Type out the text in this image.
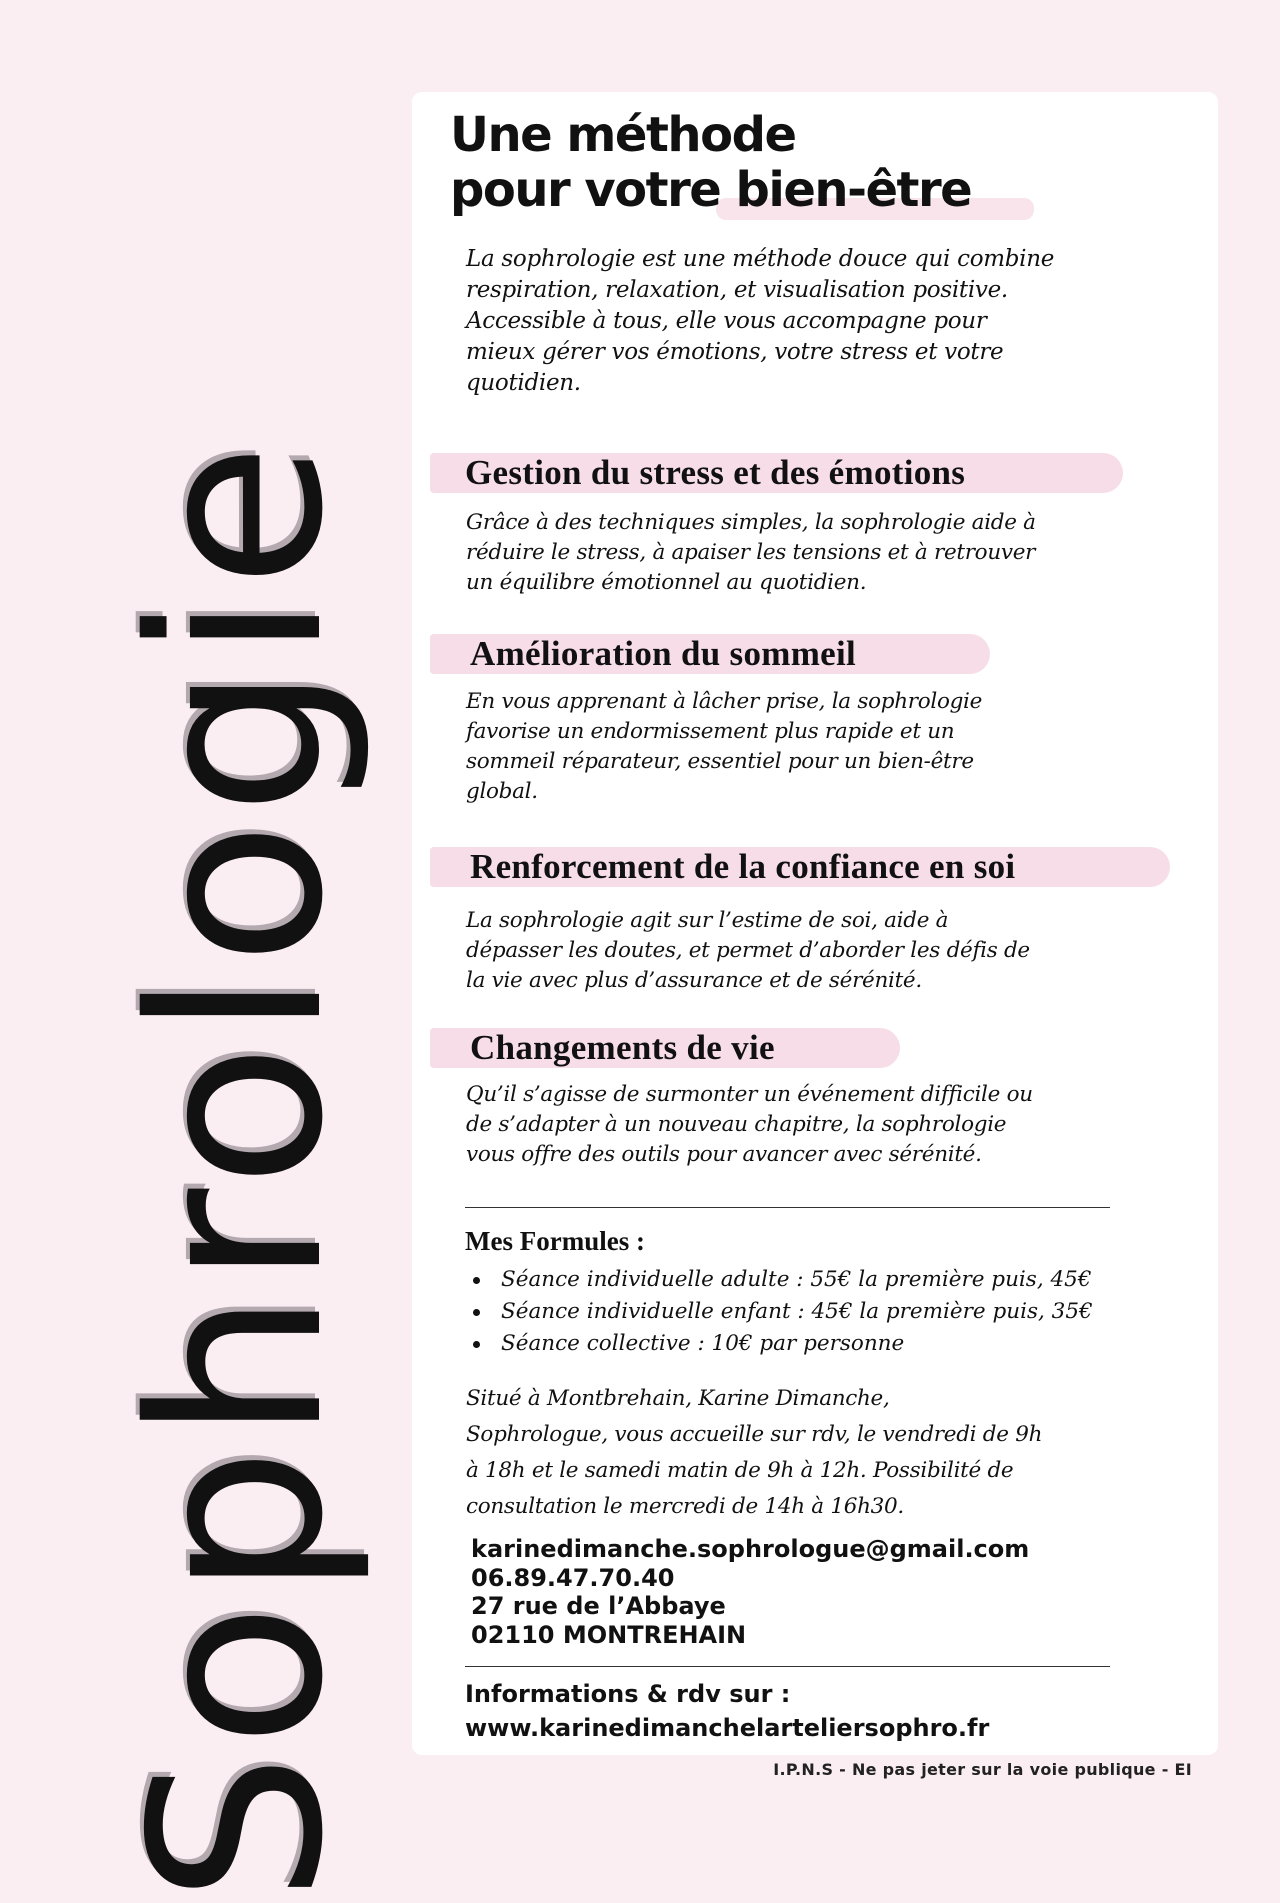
Sophrologie
Une méthode
pour votre bien-être
La sophrologie est une méthode douce qui combine
respiration, relaxation, et visualisation positive.
Accessible à tous, elle vous accompagne pour
mieux gérer vos émotions, votre stress et votre
quotidien.
Gestion du stress et des émotions
Grâce à des techniques simples, la sophrologie aide à
réduire le stress, à apaiser les tensions et à retrouver
un équilibre émotionnel au quotidien.
Amélioration du sommeil
En vous apprenant à lâcher prise, la sophrologie
favorise un endormissement plus rapide et un
sommeil réparateur, essentiel pour un bien-être
global.
Renforcement de la confiance en soi
La sophrologie agit sur l’estime de soi, aide à
dépasser les doutes, et permet d’aborder les défis de
la vie avec plus d’assurance et de sérénité.
Changements de vie
Qu’il s’agisse de surmonter un événement difficile ou
de s’adapter à un nouveau chapitre, la sophrologie
vous offre des outils pour avancer avec sérénité.
Mes Formules :
Séance individuelle adulte : 55€ la première puis, 45€
Séance individuelle enfant : 45€ la première puis, 35€
Séance collective : 10€ par personne
Situé à Montbrehain, Karine Dimanche,
Sophrologue, vous accueille sur rdv, le vendredi de 9h
à 18h et le samedi matin de 9h à 12h. Possibilité de
consultation le mercredi de 14h à 16h30.
karinedimanche.sophrologue@gmail.com
06.89.47.70.40
27 rue de l’Abbaye
02110 MONTREHAIN
Informations & rdv sur :
www.karinedimanchelarteliersophro.fr
I.P.N.S - Ne pas jeter sur la voie publique - EI
